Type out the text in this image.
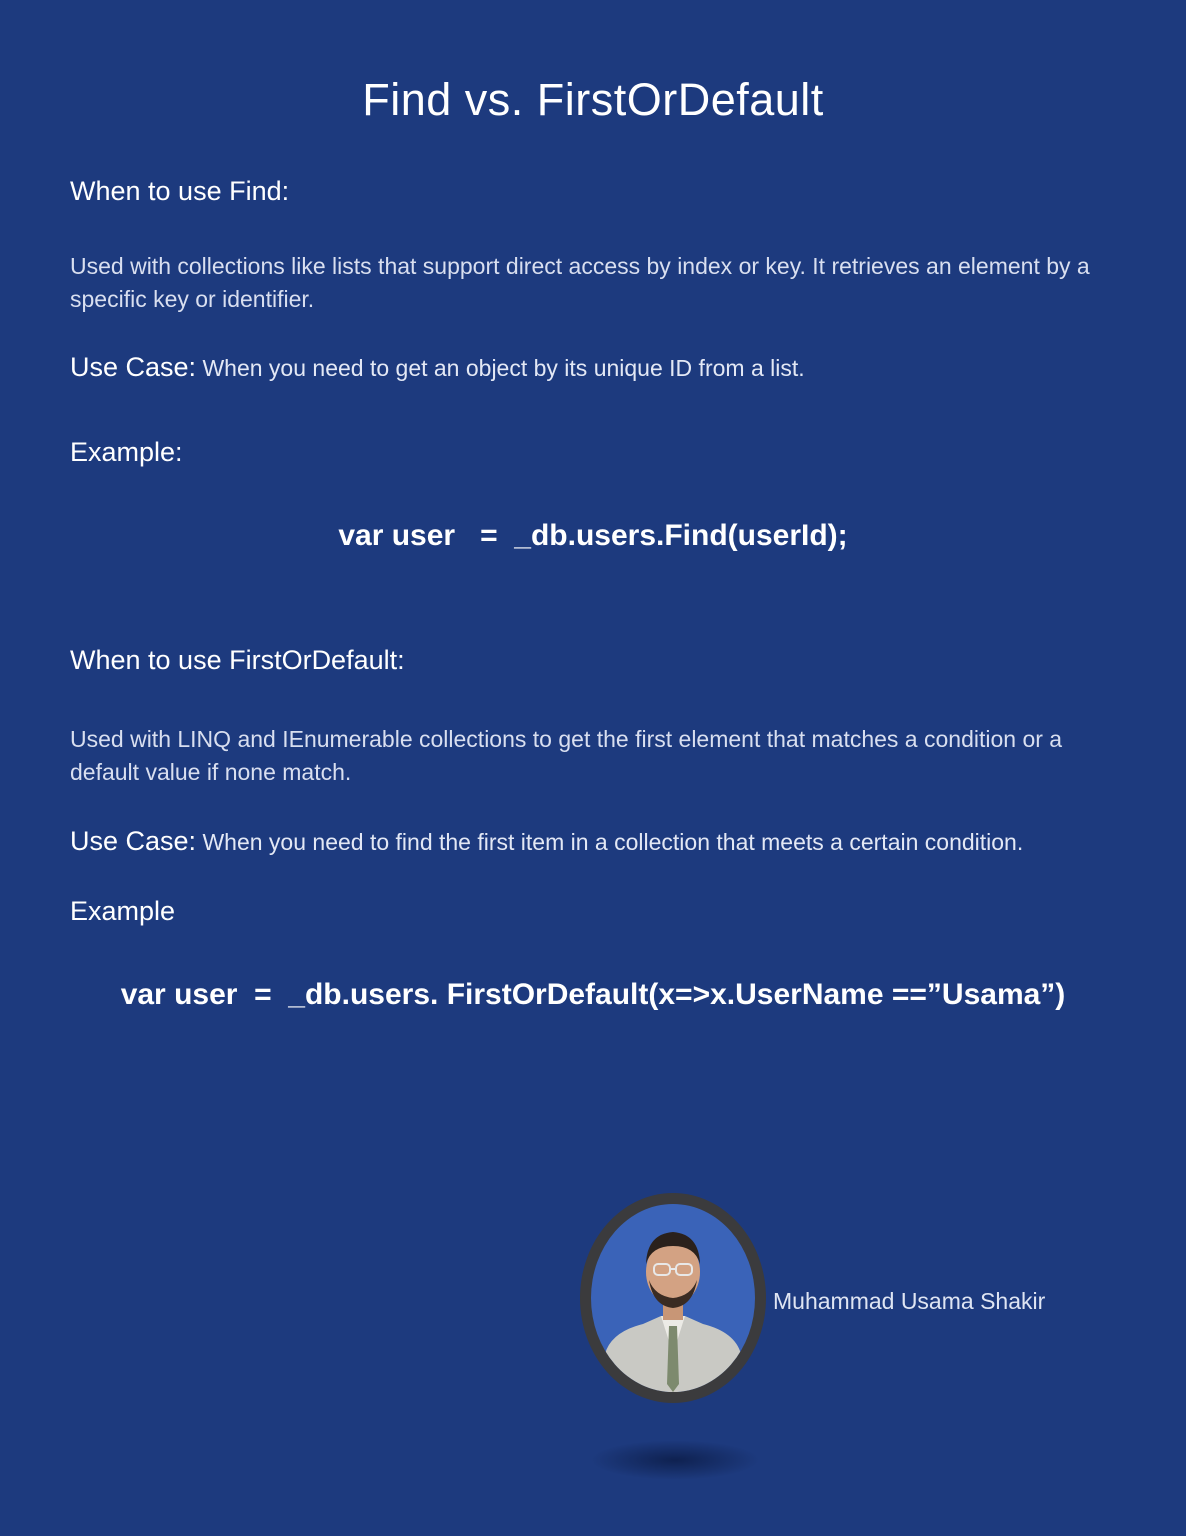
Find vs. FirstOrDefault
When to use Find:
Used with collections like lists that support direct access by index or key. It retrieves an element by a specific key or identifier.
Use Case: When you need to get an object by its unique ID from a list.
Example:
var user   =  _db.users.Find(userId);
When to use FirstOrDefault:
Used with LINQ and IEnumerable collections to get the first element that matches a condition or a default value if none match.
Use Case: When you need to find the first item in a collection that meets a certain condition.
Example
var user  =  _db.users. FirstOrDefault(x=>x.UserName ==”Usama”)
Muhammad Usama Shakir
